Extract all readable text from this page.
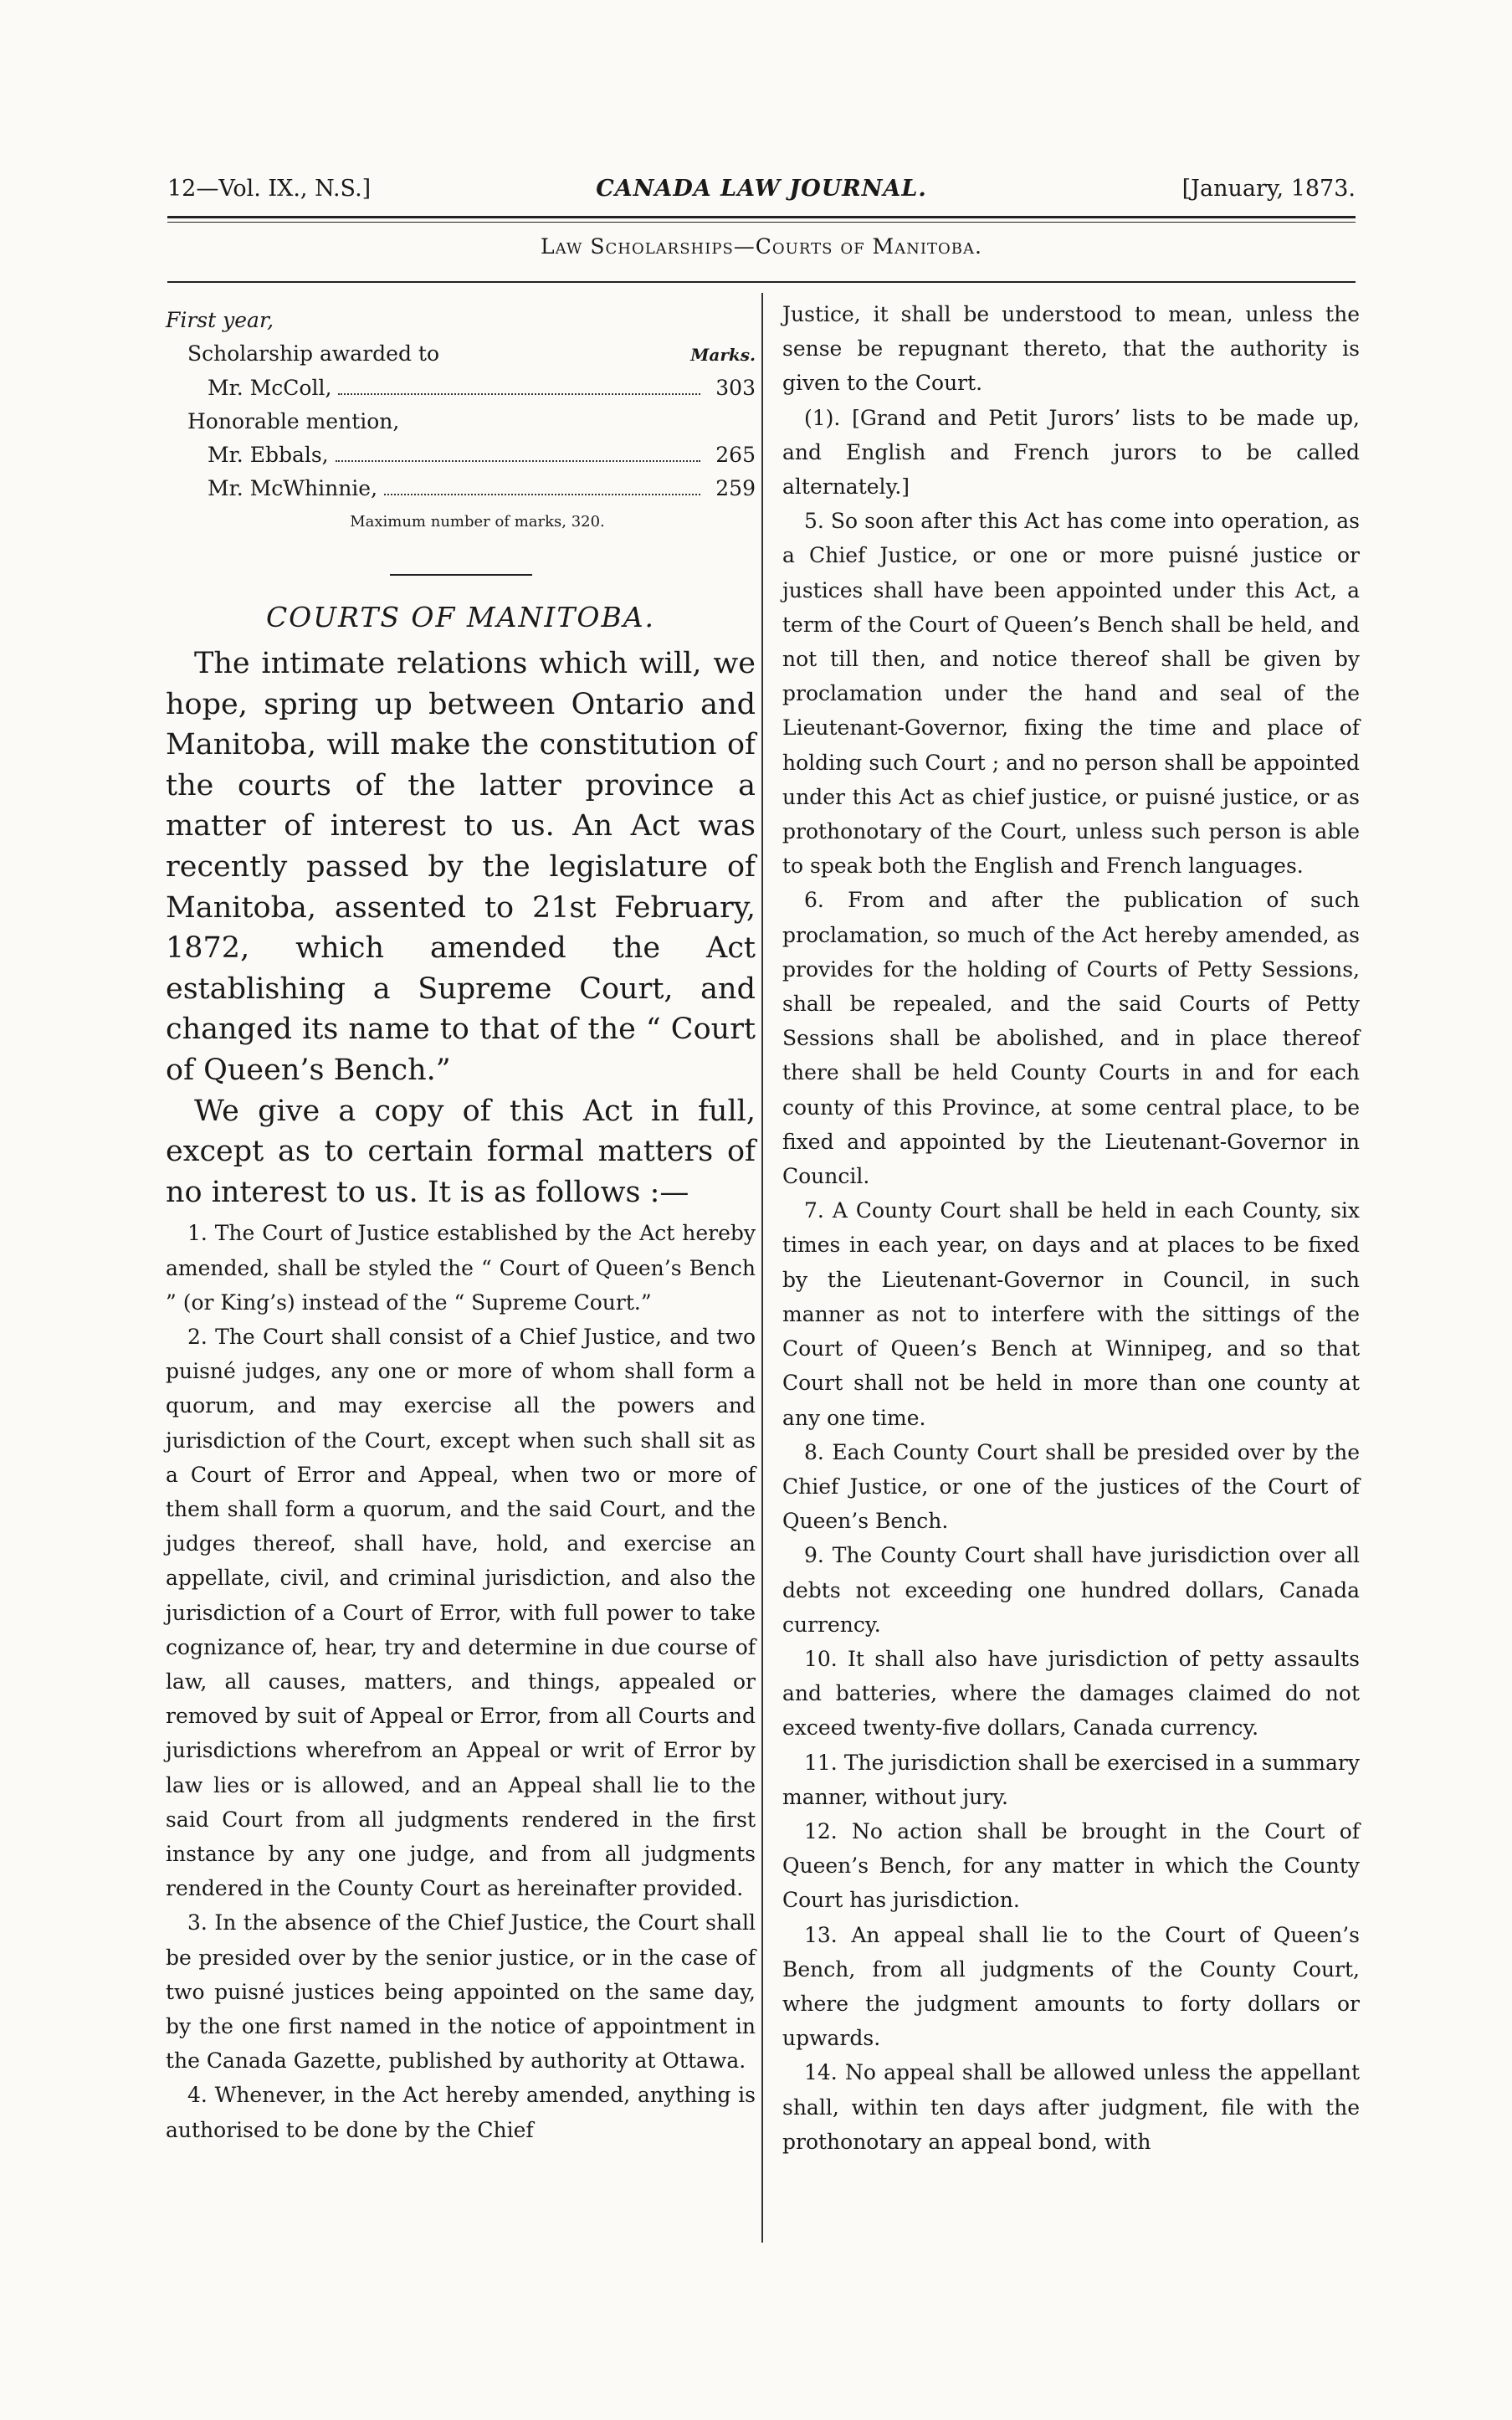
12—Vol. IX., N.S.]	CANADA LAW JOURNAL.	[January, 1873.
Law Scholarships—Courts of Manitoba.
First year,
Scholarship awarded to	Marks.
Mr. McColl,	303
Honorable mention,
Mr. Ebbals,	265
Mr. McWhinnie,	259
Maximum number of marks, 320.
COURTS OF MANITOBA.

The intimate relations which will, we hope, spring up between Ontario and Manitoba, will make the constitution of the courts of the latter province a matter of interest to us. An Act was recently passed by the legislature of Manitoba, assented to 21st February, 1872, which amended the Act establishing a Supreme Court, and changed its name to that of the “ Court of Queen’s Bench.”

We give a copy of this Act in full, except as to certain formal matters of no interest to us. It is as follows :—

1. The Court of Justice established by the Act hereby amended, shall be styled the “ Court of Queen’s Bench ” (or King’s) instead of the “ Supreme Court.”

2. The Court shall consist of a Chief Justice, and two puisné judges, any one or more of whom shall form a quorum, and may exercise all the powers and jurisdiction of the Court, except when such shall sit as a Court of Error and Appeal, when two or more of them shall form a quorum, and the said Court, and the judges thereof, shall have, hold, and exercise an appellate, civil, and criminal jurisdiction, and also the jurisdiction of a Court of Error, with full power to take cognizance of, hear, try and determine in due course of law, all causes, matters, and things, appealed or removed by suit of Appeal or Error, from all Courts and jurisdictions wherefrom an Appeal or writ of Error by law lies or is allowed, and an Appeal shall lie to the said Court from all judgments rendered in the first instance by any one judge, and from all judgments rendered in the County Court as hereinafter provided.

3. In the absence of the Chief Justice, the Court shall be presided over by the senior justice, or in the case of two puisné justices being appointed on the same day, by the one first named in the notice of appointment in the Canada Gazette, published by authority at Ottawa.

4. Whenever, in the Act hereby amended, anything is authorised to be done by the Chief

Justice, it shall be understood to mean, unless the sense be repugnant thereto, that the authority is given to the Court.

(1). [Grand and Petit Jurors’ lists to be made up, and English and French jurors to be called alternately.]

5. So soon after this Act has come into operation, as a Chief Justice, or one or more puisné justice or justices shall have been appointed under this Act, a term of the Court of Queen’s Bench shall be held, and not till then, and notice thereof shall be given by proclamation under the hand and seal of the Lieutenant-Governor, fixing the time and place of holding such Court ; and no person shall be appointed under this Act as chief justice, or puisné justice, or as prothonotary of the Court, unless such person is able to speak both the English and French languages.

6. From and after the publication of such proclamation, so much of the Act hereby amended, as provides for the holding of Courts of Petty Sessions, shall be repealed, and the said Courts of Petty Sessions shall be abolished, and in place thereof there shall be held County Courts in and for each county of this Province, at some central place, to be fixed and appointed by the Lieutenant-Governor in Council.

7. A County Court shall be held in each County, six times in each year, on days and at places to be fixed by the Lieutenant-Governor in Council, in such manner as not to interfere with the sittings of the Court of Queen’s Bench at Winnipeg, and so that Court shall not be held in more than one county at any one time.

8. Each County Court shall be presided over by the Chief Justice, or one of the justices of the Court of Queen’s Bench.

9. The County Court shall have jurisdiction over all debts not exceeding one hundred dollars, Canada currency.

10. It shall also have jurisdiction of petty assaults and batteries, where the damages claimed do not exceed twenty-five dollars, Canada currency.

11. The jurisdiction shall be exercised in a summary manner, without jury.

12. No action shall be brought in the Court of Queen’s Bench, for any matter in which the County Court has jurisdiction.

13. An appeal shall lie to the Court of Queen’s Bench, from all judgments of the County Court, where the judgment amounts to forty dollars or upwards.

14. No appeal shall be allowed unless the appellant shall, within ten days after judgment, file with the prothonotary an appeal bond, with
